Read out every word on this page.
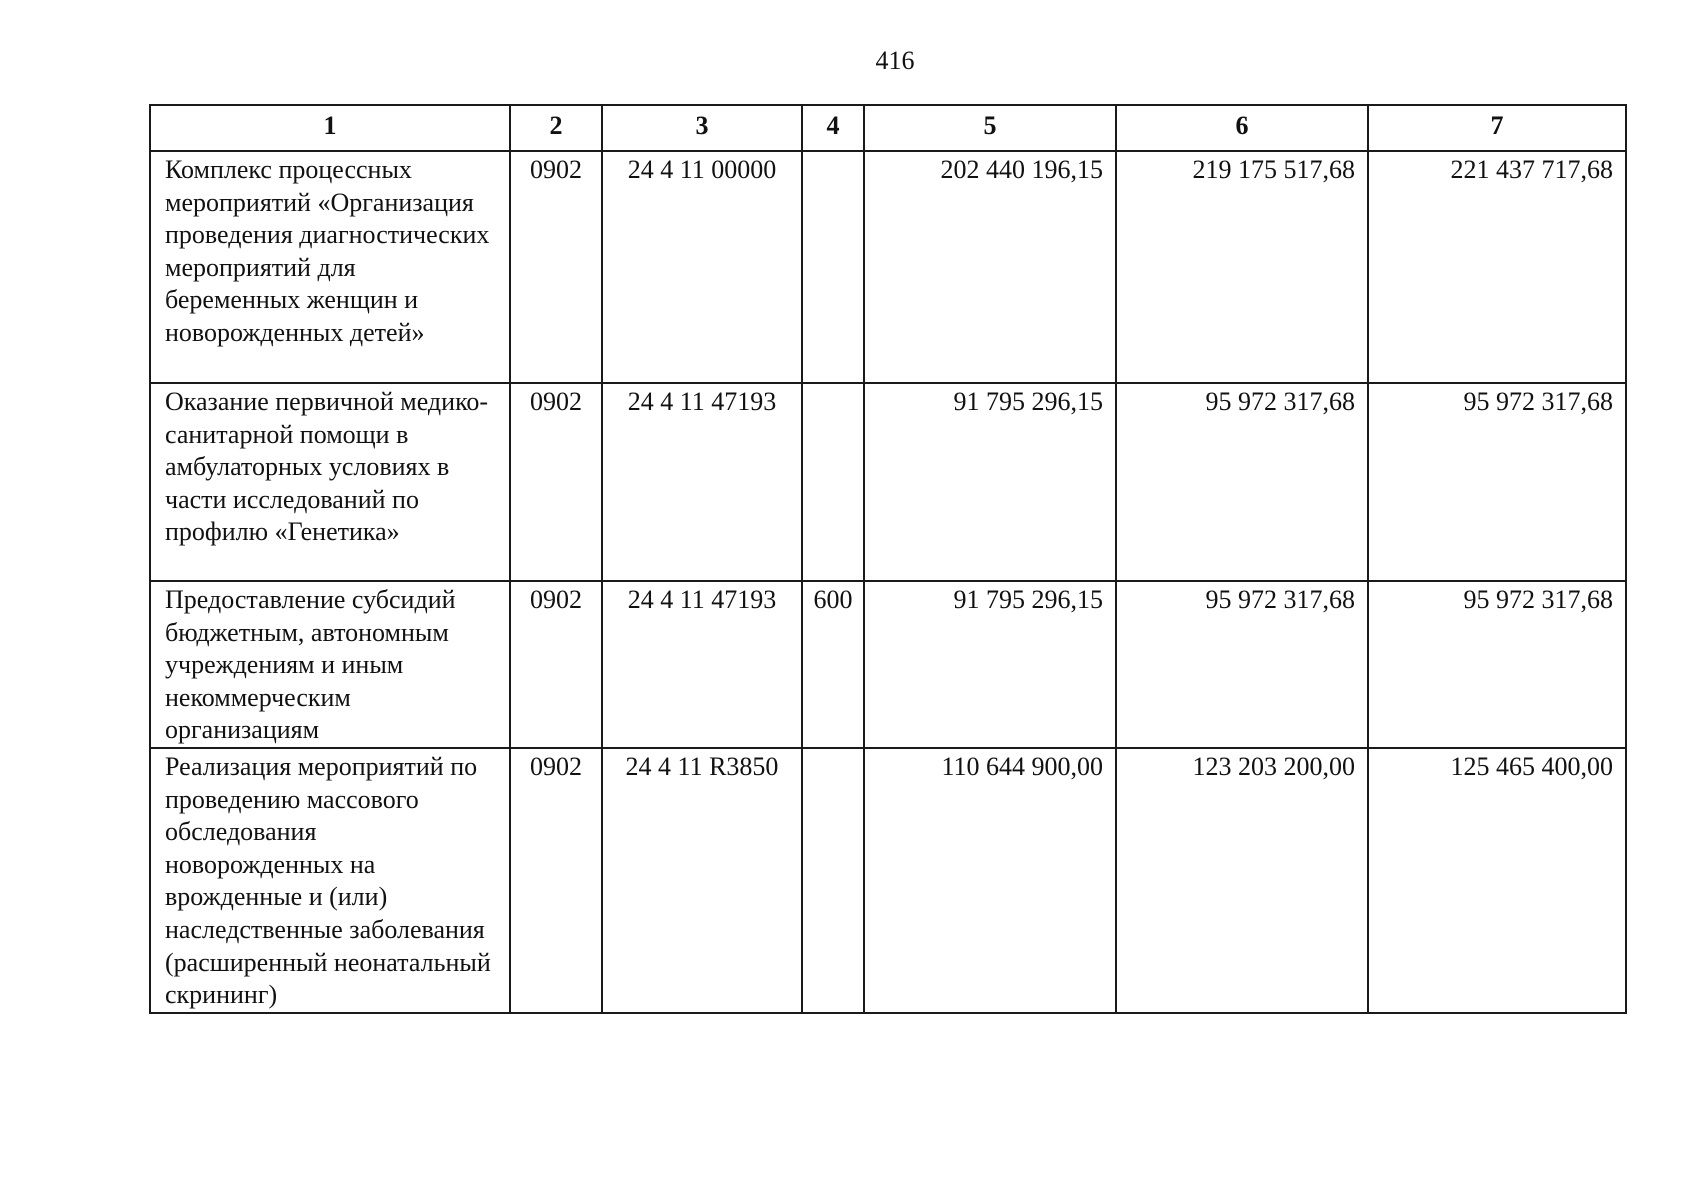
416
1	2	3	4	5	6	7
Комплекс процессных мероприятий «Организация проведения диагностических мероприятий для беременных женщин и новорожденных детей»	0902	24 4 11 00000		202 440 196,15	219 175 517,68	221 437 717,68
Оказание первичной медико-санитарной помощи в амбулаторных условиях в части исследований по профилю «Генетика»	0902	24 4 11 47193		91 795 296,15	95 972 317,68	95 972 317,68
Предоставление субсидий бюджетным, автономным учреждениям и иным некоммерческим организациям	0902	24 4 11 47193	600	91 795 296,15	95 972 317,68	95 972 317,68
Реализация мероприятий по проведению массового обследования новорожденных на врожденные и (или) наследственные заболевания (расширенный неонатальный скрининг)	0902	24 4 11 R3850		110 644 900,00	123 203 200,00	125 465 400,00
